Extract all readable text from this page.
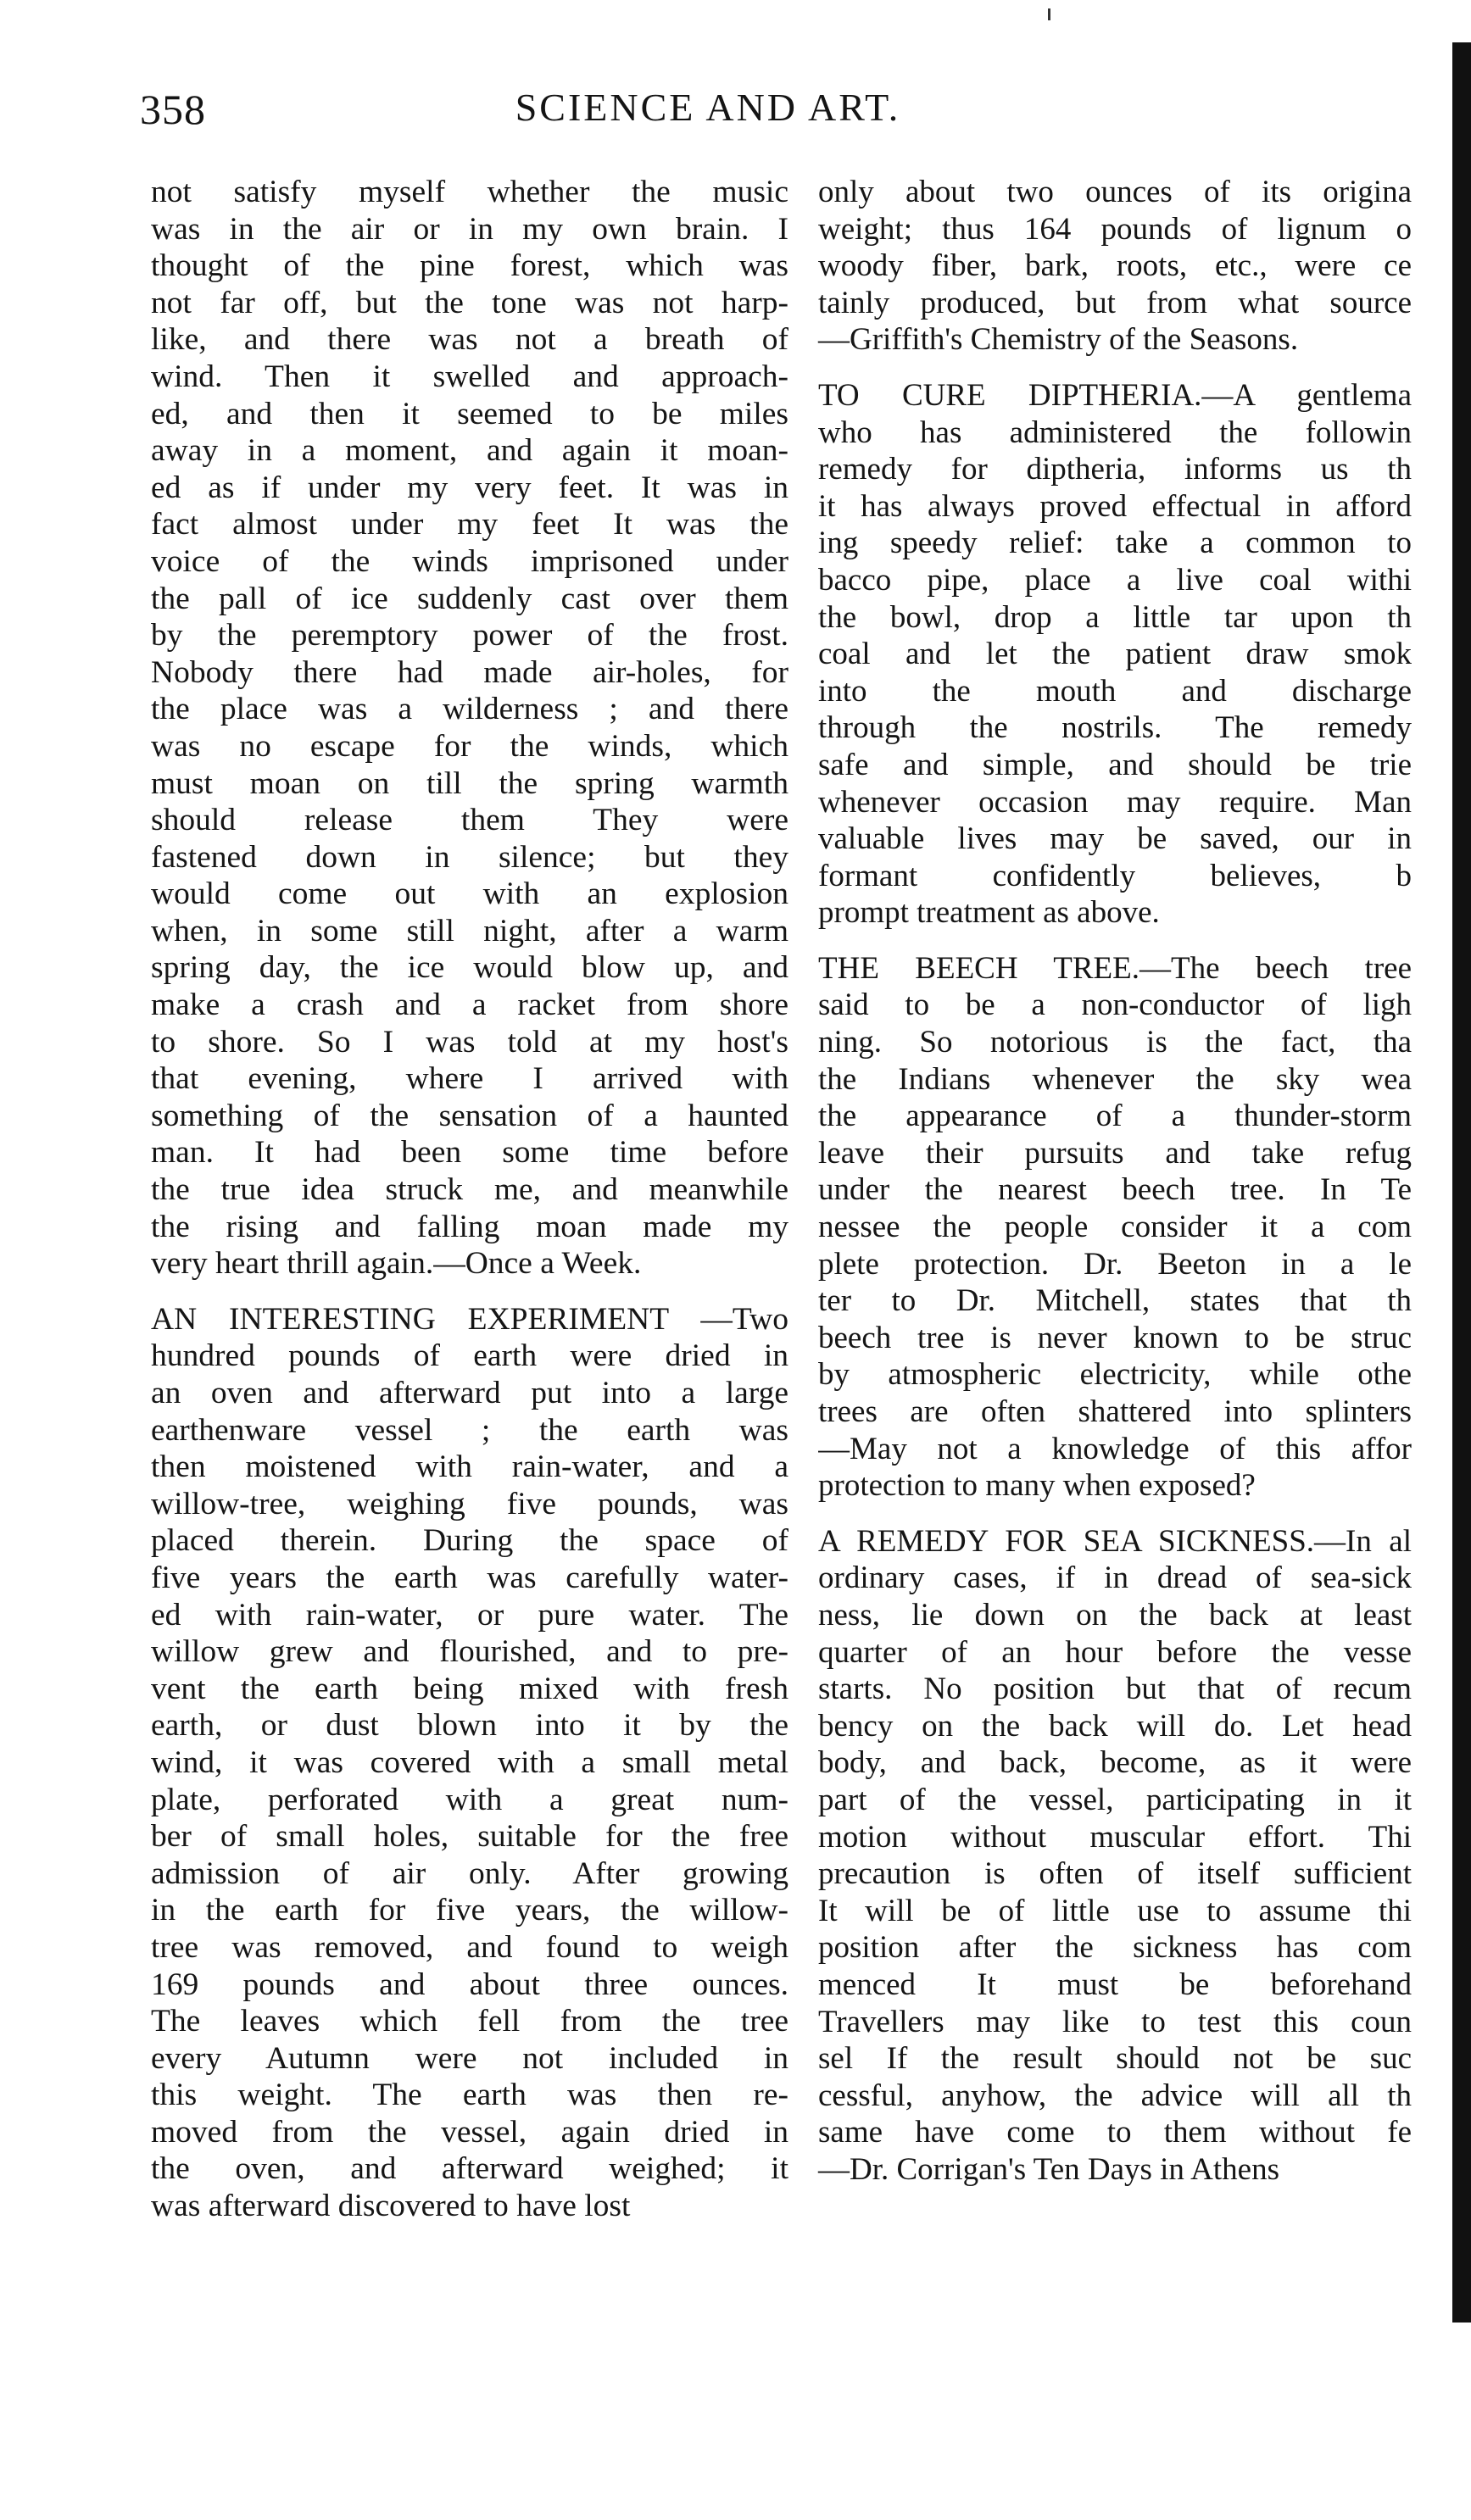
358	SCIENCE AND ART.
not satisfy myself whether the music
was in the air or in my own brain. I
thought of the pine forest, which was
not far off, but the tone was not harp-
like, and there was not a breath of
wind. Then it swelled and approach-
ed, and then it seemed to be miles
away in a moment, and again it moan-
ed as if under my very feet. It was in
fact almost under my feet It was the
voice of the winds imprisoned under
the pall of ice suddenly cast over them
by the peremptory power of the frost.
Nobody there had made air-holes, for
the place was a wilderness ; and there
was no escape for the winds, which
must moan on till the spring warmth
should release them They were
fastened down in silence; but they
would come out with an explosion
when, in some still night, after a warm
spring day, the ice would blow up, and
make a crash and a racket from shore
to shore. So I was told at my host's
that evening, where I arrived with
something of the sensation of a haunted
man. It had been some time before
the true idea struck me, and meanwhile
the rising and falling moan made my
very heart thrill again.—Once a Week.
AN INTERESTING EXPERIMENT —Two
hundred pounds of earth were dried in
an oven and afterward put into a large
earthenware vessel ; the earth was
then moistened with rain-water, and a
willow-tree, weighing five pounds, was
placed therein. During the space of
five years the earth was carefully water-
ed with rain-water, or pure water. The
willow grew and flourished, and to pre-
vent the earth being mixed with fresh
earth, or dust blown into it by the
wind, it was covered with a small metal
plate, perforated with a great num-
ber of small holes, suitable for the free
admission of air only. After growing
in the earth for five years, the willow-
tree was removed, and found to weigh
169 pounds and about three ounces.
The leaves which fell from the tree
every Autumn were not included in
this weight. The earth was then re-
moved from the vessel, again dried in
the oven, and afterward weighed; it
was afterward discovered to have lost
only about two ounces of its origina
weight; thus 164 pounds of lignum o
woody fiber, bark, roots, etc., were ce
tainly produced, but from what source
—Griffith's Chemistry of the Seasons.
TO CURE DIPTHERIA.—A gentlema
who has administered the followin
remedy for diptheria, informs us th
it has always proved effectual in afford
ing speedy relief: take a common to
bacco pipe, place a live coal withi
the bowl, drop a little tar upon th
coal and let the patient draw smok
into the mouth and discharge
through the nostrils. The remedy
safe and simple, and should be trie
whenever occasion may require. Man
valuable lives may be saved, our in
formant confidently believes, b
prompt treatment as above.
THE BEECH TREE.—The beech tree
said to be a non-conductor of ligh
ning. So notorious is the fact, tha
the Indians whenever the sky wea
the appearance of a thunder-storm
leave their pursuits and take refug
under the nearest beech tree. In Te
nessee the people consider it a com
plete protection. Dr. Beeton in a le
ter to Dr. Mitchell, states that th
beech tree is never known to be struc
by atmospheric electricity, while othe
trees are often shattered into splinters
—May not a knowledge of this affor
protection to many when exposed?
A REMEDY FOR SEA SICKNESS.—In al
ordinary cases, if in dread of sea-sick
ness, lie down on the back at least
quarter of an hour before the vesse
starts. No position but that of recum
bency on the back will do. Let head
body, and back, become, as it were
part of the vessel, participating in it
motion without muscular effort. Thi
precaution is often of itself sufficient
It will be of little use to assume thi
position after the sickness has com
menced It must be beforehand
Travellers may like to test this coun
sel If the result should not be suc
cessful, anyhow, the advice will all th
same have come to them without fe
—Dr. Corrigan's Ten Days in Athens
